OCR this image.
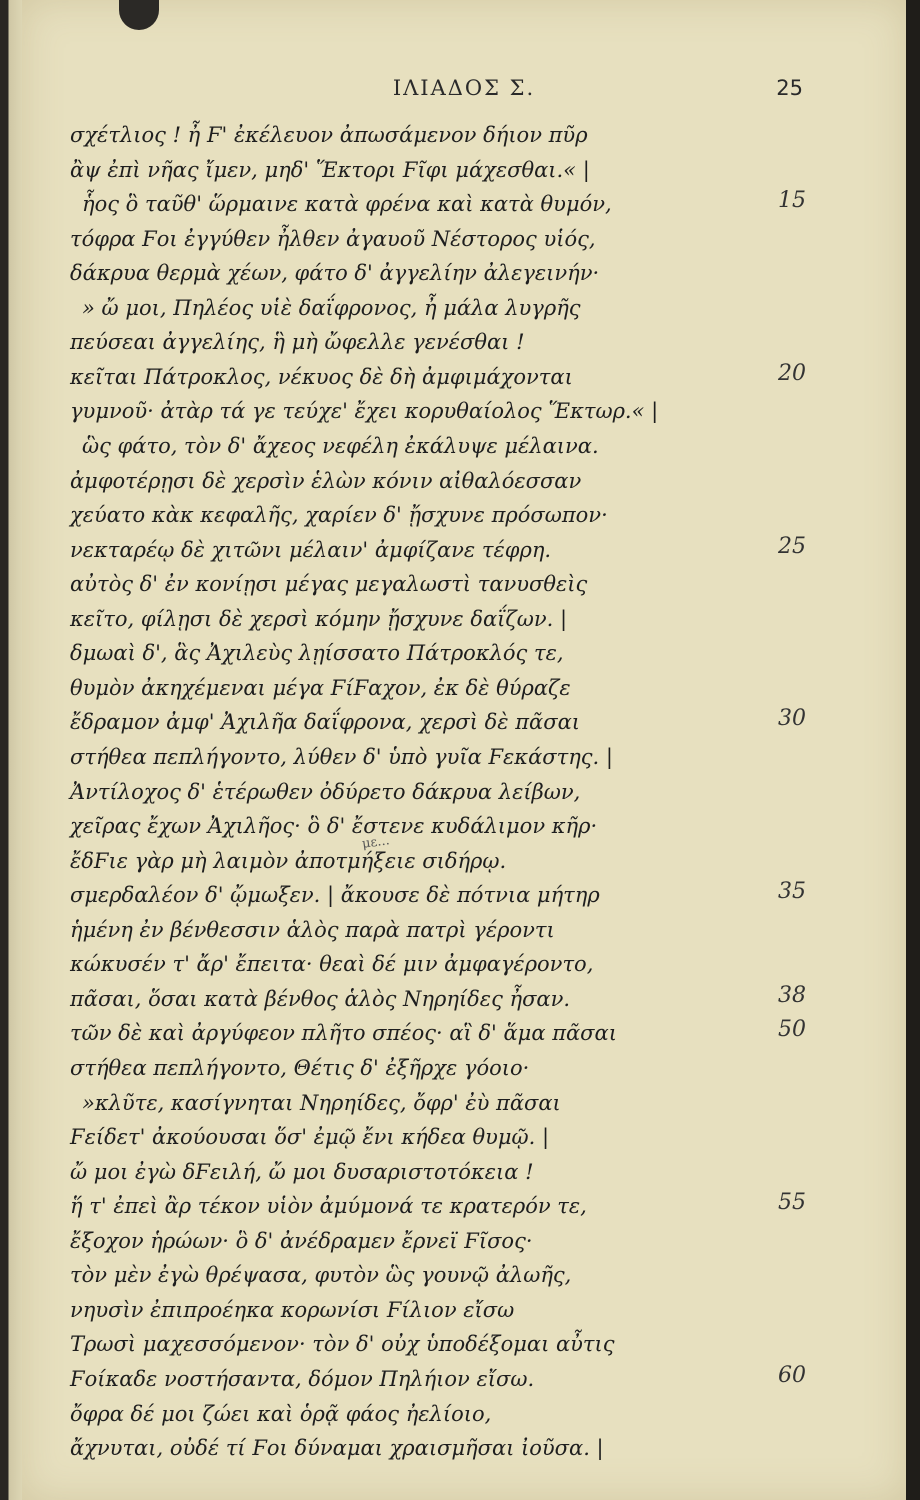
ΙΛΙΑΔΟΣ Σ.	25
σχέτλιος ! ἦ Ϝ' ἐκέλευον ἀπωσάμενον δήιον πῦρ
ἂψ ἐπὶ νῆας ἴμεν, μηδ' Ἕκτορι Ϝῖφι μάχεσθαι.« |
ἧος ὃ ταῦθ' ὥρμαινε κατὰ φρένα καὶ κατὰ θυμόν,
τόφρα Ϝοι ἐγγύθεν ἦλθεν ἀγαυοῦ Νέστορος υἱός,
δάκρυα θερμὰ χέων, φάτο δ' ἀγγελίην ἀλεγεινήν·
» ὤ μοι, Πηλέος υἱὲ δαΐφρονος, ἦ μάλα λυγρῆς
πεύσεαι ἀγγελίης, ἣ μὴ ὤφελλε γενέσθαι !
κεῖται Πάτροκλος, νέκυος δὲ δὴ ἀμφιμάχονται
γυμνοῦ· ἀτὰρ τά γε τεύχε' ἔχει κορυθαίολος Ἕκτωρ.« |
ὣς φάτο, τὸν δ' ἄχεος νεφέλη ἐκάλυψε μέλαινα.
ἀμφοτέρῃσι δὲ χερσὶν ἑλὼν κόνιν αἰθαλόεσσαν
χεύατο κὰκ κεφαλῆς, χαρίεν δ' ᾔσχυνε πρόσωπον·
νεκταρέῳ δὲ χιτῶνι μέλαιν' ἀμφίζανε τέφρη.
αὐτὸς δ' ἐν κονίῃσι μέγας μεγαλωστὶ τανυσθεὶς
κεῖτο, φίλῃσι δὲ χερσὶ κόμην ᾔσχυνε δαΐζων. |
δμωαὶ δ', ἃς Ἀχιλεὺς λῃίσσατο Πάτροκλός τε,
θυμὸν ἀκηχέμεναι μέγα ϜίϜαχον, ἐκ δὲ θύραζε
ἔδραμον ἀμφ' Ἀχιλῆα δαΐφρονα, χερσὶ δὲ πᾶσαι
στήθεα πεπλήγοντο, λύθεν δ' ὑπὸ γυῖα Ϝεκάστης. |
Ἀντίλοχος δ' ἑτέρωθεν ὀδύρετο δάκρυα λείβων,
χεῖρας ἔχων Ἀχιλῆος· ὃ δ' ἔστενε κυδάλιμον κῆρ·
ἔδϜιε γὰρ μὴ λαιμὸν ἀποτμήξειε σιδήρῳ.
σμερδαλέον δ' ᾤμωξεν. | ἄκουσε δὲ πότνια μήτηρ
ἡμένη ἐν βένθεσσιν ἁλὸς παρὰ πατρὶ γέροντι
κώκυσέν τ' ἄρ' ἔπειτα· θεαὶ δέ μιν ἀμφαγέροντο,
πᾶσαι, ὅσαι κατὰ βένθος ἁλὸς Νηρηίδες ἦσαν.
τῶν δὲ καὶ ἀργύφεον πλῆτο σπέος· αἳ δ' ἅμα πᾶσαι
στήθεα πεπλήγοντο, Θέτις δ' ἐξῆρχε γόοιο·
»κλῦτε, κασίγνηται Νηρηίδες, ὄφρ' ἐὺ πᾶσαι
Ϝείδετ' ἀκούουσαι ὅσ' ἐμῷ ἔνι κήδεα θυμῷ. |
ὤ μοι ἐγὼ δϜειλή, ὤ μοι δυσαριστοτόκεια !
ἥ τ' ἐπεὶ ἂρ τέκον υἱὸν ἀμύμονά τε κρατερόν τε,
ἔξοχον ἡρώων· ὃ δ' ἀνέδραμεν ἔρνεϊ Ϝῖσος·
τὸν μὲν ἐγὼ θρέψασα, φυτὸν ὣς γουνῷ ἀλωῆς,
νηυσὶν ἐπιπροέηκα κορωνίσι Ϝίλιον εἴσω
Τρωσὶ μαχεσσόμενον· τὸν δ' οὐχ ὑποδέξομαι αὖτις
Ϝοίκαδε νοστήσαντα, δόμον Πηλήιον εἴσω.
ὄφρα δέ μοι ζώει καὶ ὁρᾷ φάος ἠελίοιο,
ἄχνυται, οὐδέ τί Ϝοι δύναμαι χραισμῆσαι ἰοῦσα. |
15
20
25
30
35
38
50
55
60
με...
